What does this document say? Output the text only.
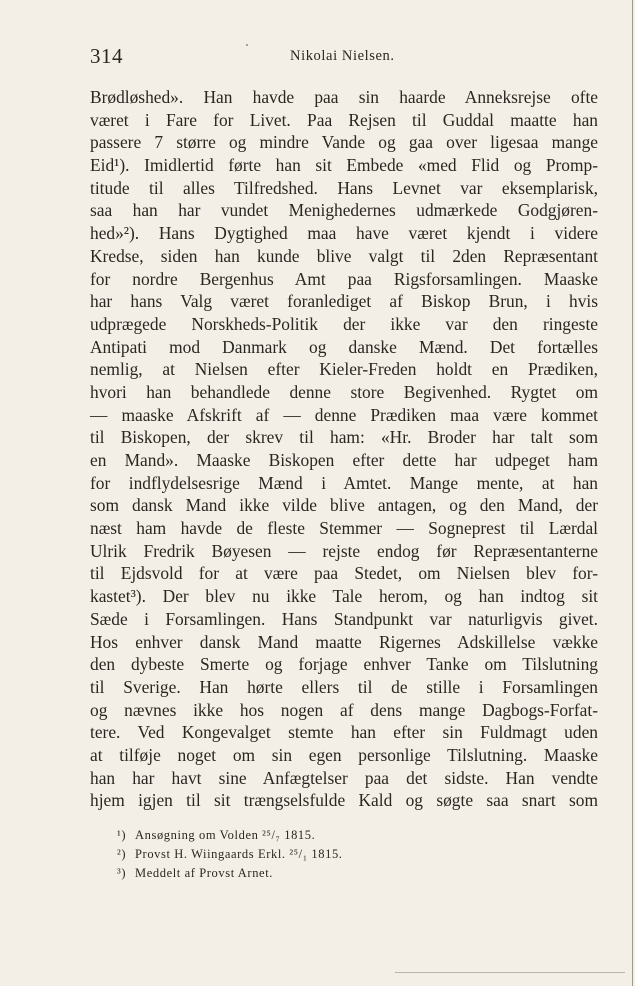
314	Nikolai Nielsen.
Brødløshed». Han havde paa sin haarde Anneksrejse ofte
været i Fare for Livet. Paa Rejsen til Guddal maatte han
passere 7 større og mindre Vande og gaa over ligesaa mange
Eid¹). Imidlertid førte han sit Embede «med Flid og Promp-
titude til alles Tilfredshed. Hans Levnet var eksemplarisk,
saa han har vundet Menighedernes udmærkede Godgjøren-
hed»²). Hans Dygtighed maa have været kjendt i videre
Kredse, siden han kunde blive valgt til 2den Repræsentant
for nordre Bergenhus Amt paa Rigsforsamlingen. Maaske
har hans Valg været foranlediget af Biskop Brun, i hvis
udprægede Norskheds-Politik der ikke var den ringeste
Antipati mod Danmark og danske Mænd. Det fortælles
nemlig, at Nielsen efter Kieler-Freden holdt en Prædiken,
hvori han behandlede denne store Begivenhed. Rygtet om
— maaske Afskrift af — denne Prædiken maa være kommet
til Biskopen, der skrev til ham: «Hr. Broder har talt som
en Mand». Maaske Biskopen efter dette har udpeget ham
for indflydelsesrige Mænd i Amtet. Mange mente, at han
som dansk Mand ikke vilde blive antagen, og den Mand, der
næst ham havde de fleste Stemmer — Sogneprest til Lærdal
Ulrik Fredrik Bøyesen — rejste endog før Repræsentanterne
til Ejdsvold for at være paa Stedet, om Nielsen blev for-
kastet³). Der blev nu ikke Tale herom, og han indtog sit
Sæde i Forsamlingen. Hans Standpunkt var naturligvis givet.
Hos enhver dansk Mand maatte Rigernes Adskillelse vække
den dybeste Smerte og forjage enhver Tanke om Tilslutning
til Sverige. Han hørte ellers til de stille i Forsamlingen
og nævnes ikke hos nogen af dens mange Dagbogs-Forfat-
tere. Ved Kongevalget stemte han efter sin Fuldmagt uden
at tilføje noget om sin egen personlige Tilslutning. Maaske
han har havt sine Anfægtelser paa det sidste. Han vendte
hjem igjen til sit trængselsfulde Kald og søgte saa snart som
¹) Ansøgning om Volden ²⁵/₇ 1815.
²) Provst H. Wiingaards Erkl. ²⁵/₁ 1815.
³) Meddelt af Provst Arnet.
